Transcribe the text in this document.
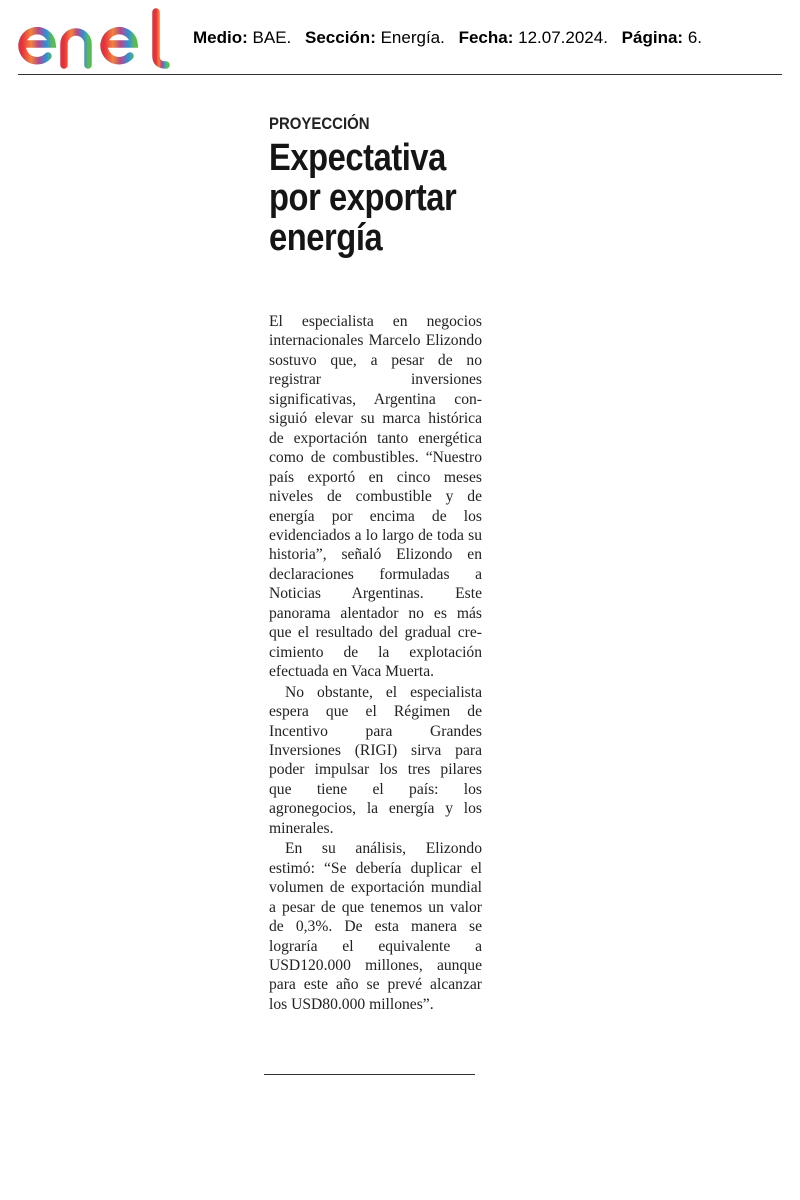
Medio: BAE. Sección: Energía. Fecha: 12.07.2024. Página: 6.
PROYECCIÓN
Expectativa por exportar energía

El especialista en negocios internacionales Marcelo Elizondo sostuvo que, a pesar de no registrar inversiones significativas, Argentina consiguió elevar su marca histórica de exportación tanto energética como de combustibles. “Nuestro país exportó en cinco meses niveles de combustible y de energía por encima de los evidenciados a lo largo de toda su historia”, señaló Elizondo en declaraciones formuladas a Noticias Argentinas. Este panorama alentador no es más que el resultado del gradual crecimiento de la explotación efectuada en Vaca Muerta.

No obstante, el especialista espera que el Régimen de Incentivo para Grandes Inversiones (RIGI) sirva para poder impulsar los tres pilares que tiene el país: los agronegocios, la energía y los minerales.

En su análisis, Elizondo estimó: “Se debería duplicar el volumen de exportación mundial a pesar de que tenemos un valor de 0,3%. De esta manera se lograría el equivalente a USD120.000 millones, aunque para este año se prevé alcanzar los USD80.000 millones”.
